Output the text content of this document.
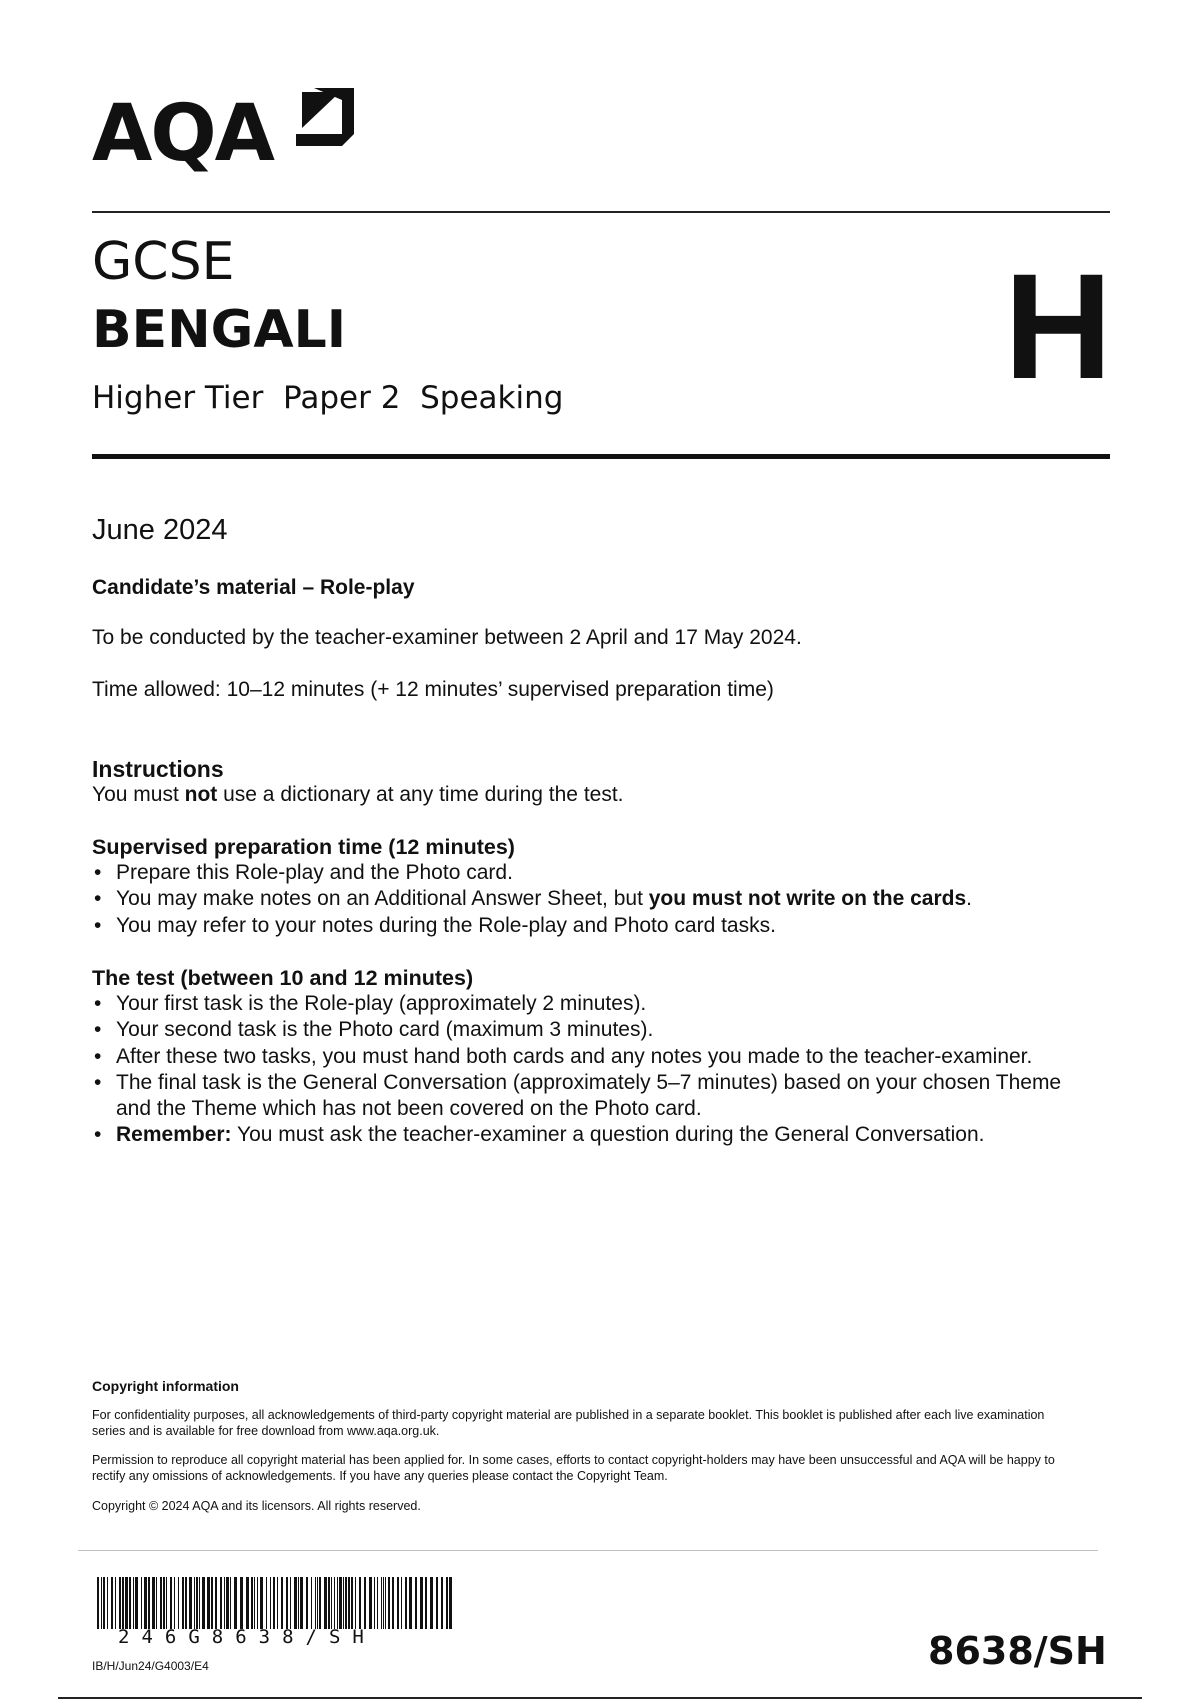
AQA
GCSE
BENGALI
Higher Tier  Paper 2  Speaking	H
June 2024
Candidate’s material – Role-play
To be conducted by the teacher-examiner between 2 April and 17 May 2024.
Time allowed: 10–12 minutes (+ 12 minutes’ supervised preparation time)
Instructions
You must not use a dictionary at any time during the test.
Supervised preparation time (12 minutes)
• Prepare this Role-play and the Photo card.
• You may make notes on an Additional Answer Sheet, but you must not write on the cards.
• You may refer to your notes during the Role-play and Photo card tasks.
The test (between 10 and 12 minutes)
• Your first task is the Role-play (approximately 2 minutes).
• Your second task is the Photo card (maximum 3 minutes).
• After these two tasks, you must hand both cards and any notes you made to the teacher-examiner.
• The final task is the General Conversation (approximately 5–7 minutes) based on your chosen Theme and the Theme which has not been covered on the Photo card.
• Remember: You must ask the teacher-examiner a question during the General Conversation.
Copyright information
For confidentiality purposes, all acknowledgements of third-party copyright material are published in a separate booklet. This booklet is published after each live examination series and is available for free download from www.aqa.org.uk.
Permission to reproduce all copyright material has been applied for. In some cases, efforts to contact copyright-holders may have been unsuccessful and AQA will be happy to rectify any omissions of acknowledgements. If you have any queries please contact the Copyright Team.
Copyright © 2024 AQA and its licensors. All rights reserved.
246G8638/SH
IB/H/Jun24/G4003/E4	8638/SH
